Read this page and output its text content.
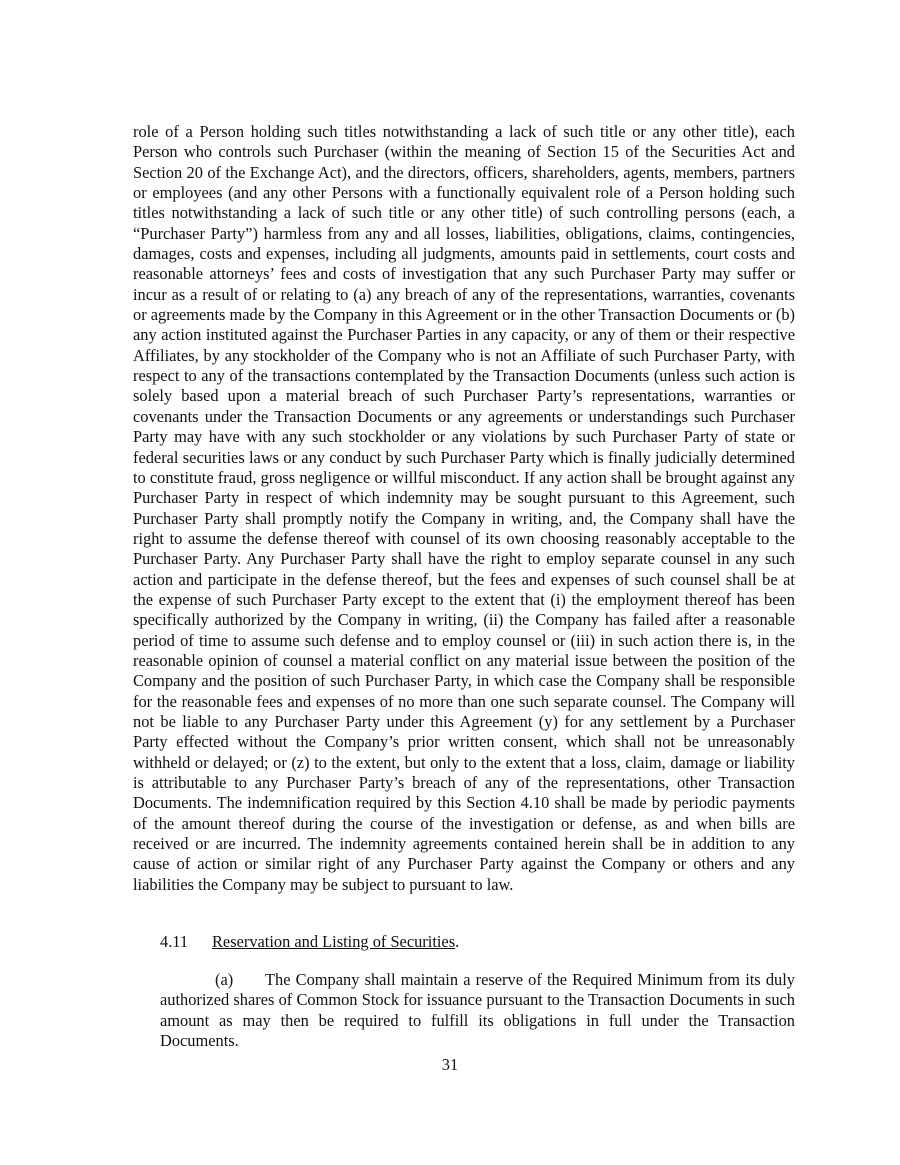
role of a Person holding such titles notwithstanding a lack of such title or any other title), each Person who controls such Purchaser (within the meaning of Section 15 of the Securities Act and Section 20 of the Exchange Act), and the directors, officers, shareholders, agents, members, partners or employees (and any other Persons with a functionally equivalent role of a Person holding such titles notwithstanding a lack of such title or any other title) of such controlling persons (each, a “Purchaser Party”) harmless from any and all losses, liabilities, obligations, claims, contingencies, damages, costs and expenses, including all judgments, amounts paid in settlements, court costs and reasonable attorneys’ fees and costs of investigation that any such Purchaser Party may suffer or incur as a result of or relating to (a) any breach of any of the representations, warranties, covenants or agreements made by the Company in this Agreement or in the other Transaction Documents or (b) any action instituted against the Purchaser Parties in any capacity, or any of them or their respective Affiliates, by any stockholder of the Company who is not an Affiliate of such Purchaser Party, with respect to any of the transactions contemplated by the Transaction Documents (unless such action is solely based upon a material breach of such Purchaser Party’s representations, warranties or covenants under the Transaction Documents or any agreements or understandings such Purchaser Party may have with any such stockholder or any violations by such Purchaser Party of state or federal securities laws or any conduct by such Purchaser Party which is finally judicially determined to constitute fraud, gross negligence or willful misconduct. If any action shall be brought against any Purchaser Party in respect of which indemnity may be sought pursuant to this Agreement, such Purchaser Party shall promptly notify the Company in writing, and, the Company shall have the right to assume the defense thereof with counsel of its own choosing reasonably acceptable to the Purchaser Party. Any Purchaser Party shall have the right to employ separate counsel in any such action and participate in the defense thereof, but the fees and expenses of such counsel shall be at the expense of such Purchaser Party except to the extent that (i) the employment thereof has been specifically authorized by the Company in writing, (ii) the Company has failed after a reasonable period of time to assume such defense and to employ counsel or (iii) in such action there is, in the reasonable opinion of counsel a material conflict on any material issue between the position of the Company and the position of such Purchaser Party, in which case the Company shall be responsible for the reasonable fees and expenses of no more than one such separate counsel. The Company will not be liable to any Purchaser Party under this Agreement (y) for any settlement by a Purchaser Party effected without the Company’s prior written consent, which shall not be unreasonably withheld or delayed; or (z) to the extent, but only to the extent that a loss, claim, damage or liability is attributable to any Purchaser Party’s breach of any of the representations, other Transaction Documents. The indemnification required by this Section 4.10 shall be made by periodic payments of the amount thereof during the course of the investigation or defense, as and when bills are received or are incurred. The indemnity agreements contained herein shall be in addition to any cause of action or similar right of any Purchaser Party against the Company or others and any liabilities the Company may be subject to pursuant to law.

4.11 Reservation and Listing of Securities.

(a) The Company shall maintain a reserve of the Required Minimum from its duly authorized shares of Common Stock for issuance pursuant to the Transaction Documents in such amount as may then be required to fulfill its obligations in full under the Transaction Documents.

31
